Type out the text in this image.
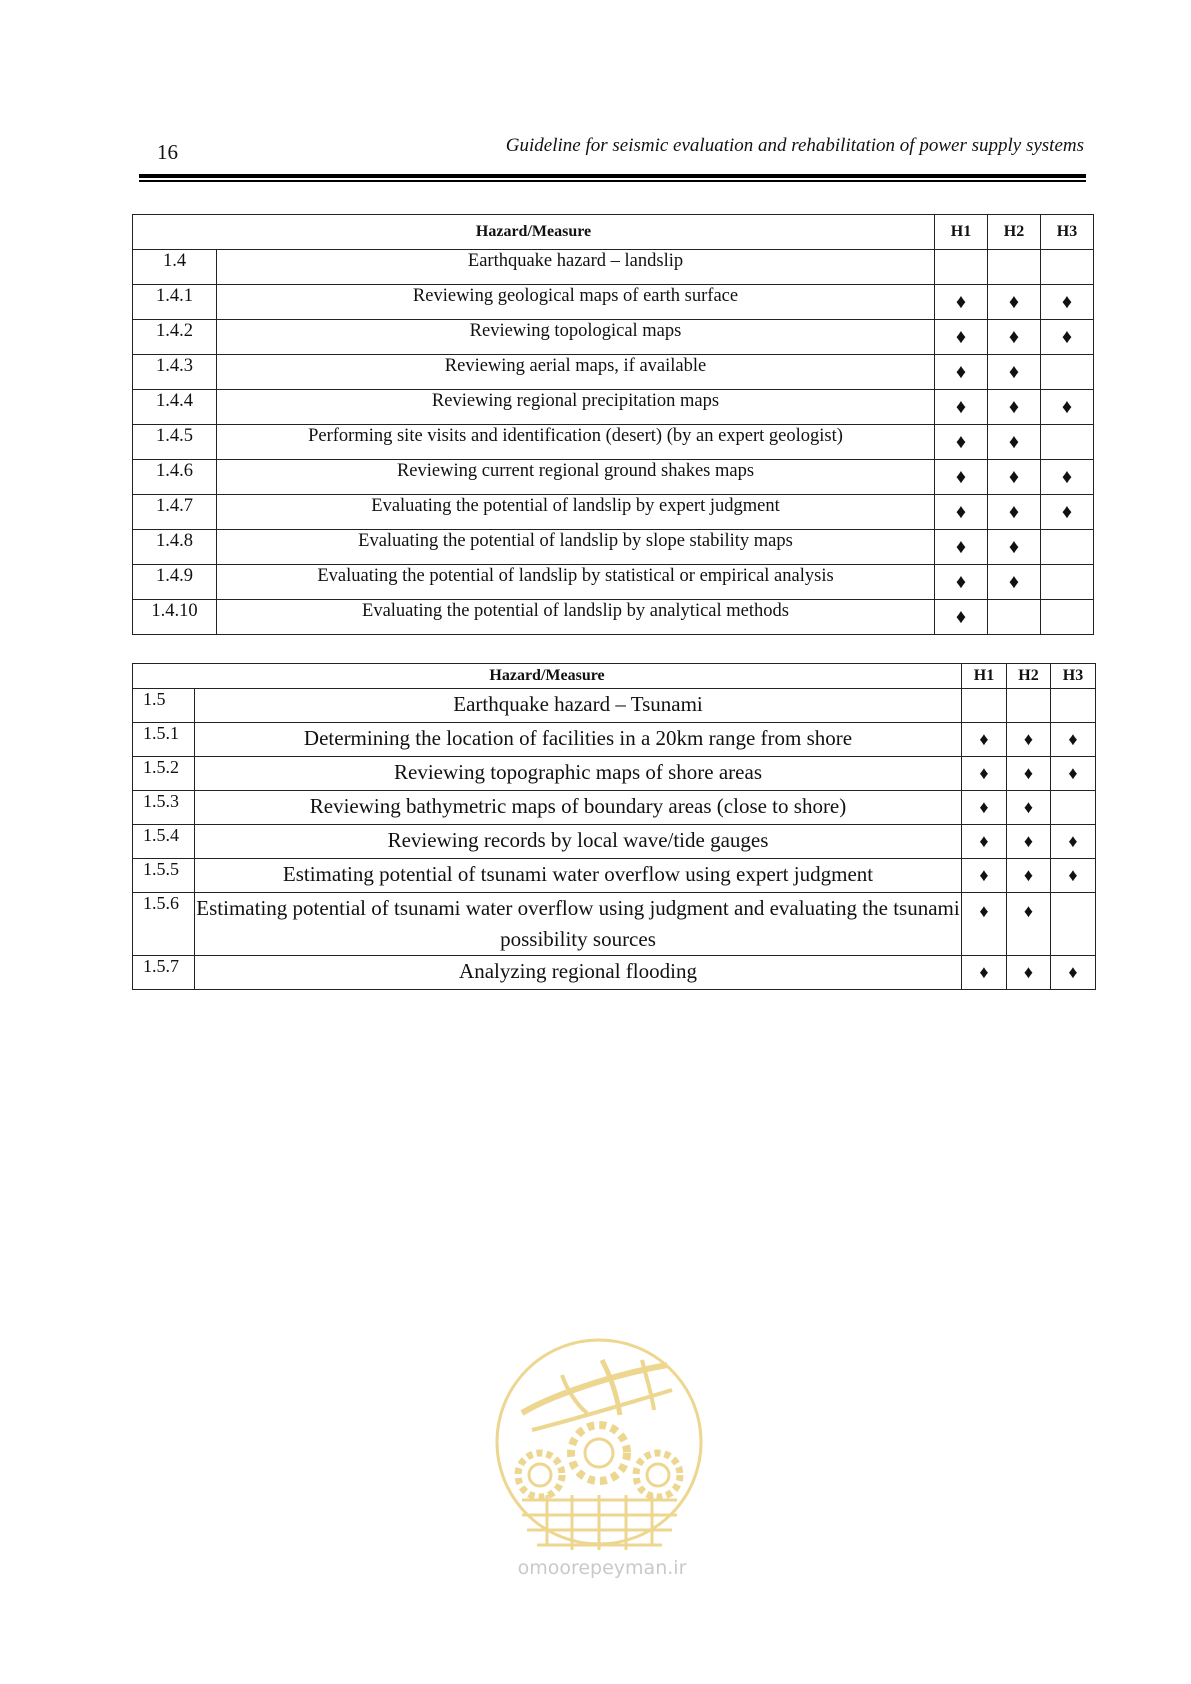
16	Guideline for seismic evaluation and rehabilitation of power supply systems
Hazard/Measure		H1	H2	H3
1.4	Earthquake hazard – landslip			
1.4.1	Reviewing geological maps of earth surface	♦	♦	♦
1.4.2	Reviewing topological maps	♦	♦	♦
1.4.3	Reviewing aerial maps, if available	♦	♦	
1.4.4	Reviewing regional precipitation maps	♦	♦	♦
1.4.5	Performing site visits and identification (desert) (by an expert geologist)	♦	♦	
1.4.6	Reviewing current regional ground shakes maps	♦	♦	♦
1.4.7	Evaluating the potential of landslip by expert judgment	♦	♦	♦
1.4.8	Evaluating the potential of landslip by slope stability maps	♦	♦	
1.4.9	Evaluating the potential of landslip by statistical or empirical analysis	♦	♦	
1.4.10	Evaluating the potential of landslip by analytical methods	♦		
Hazard/Measure		H1	H2	H3
1.5	Earthquake hazard – Tsunami			
1.5.1	Determining the location of facilities in a 20km range from shore	♦	♦	♦
1.5.2	Reviewing topographic maps of shore areas	♦	♦	♦
1.5.3	Reviewing bathymetric maps of boundary areas (close to shore)	♦	♦	
1.5.4	Reviewing records by local wave/tide gauges	♦	♦	♦
1.5.5	Estimating potential of tsunami water overflow using expert judgment	♦	♦	♦
1.5.6	Estimating potential of tsunami water overflow using judgment and evaluating the tsunami possibility sources	♦	♦	
1.5.7	Analyzing regional flooding	♦	♦	♦
omoorepeyman.ir
